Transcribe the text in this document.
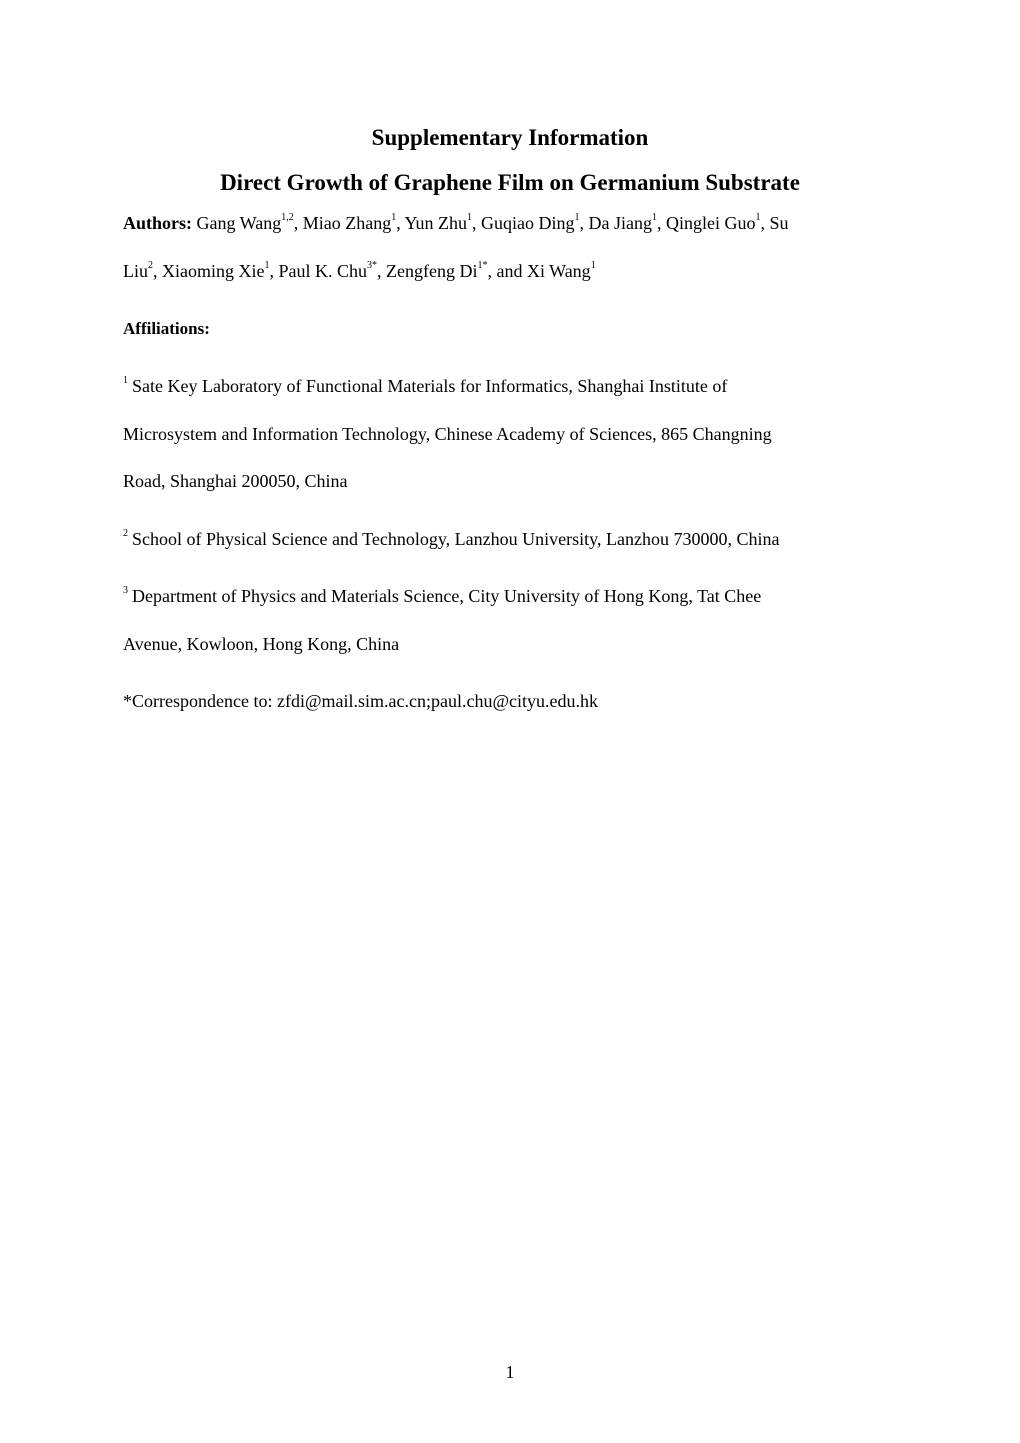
Supplementary Information
Direct Growth of Graphene Film on Germanium Substrate
Authors: Gang Wang$^{1,2}$, Miao Zhang$^1$, Yun Zhu$^1$, Guqiao Ding$^1$, Da Jiang$^1$, Qinglei Guo$^1$, Su
Liu$^2$, Xiaoming Xie$^1$, Paul K. Chu$^{3*}$, Zengfeng $Di^{1*}$, and Xi Wang$^1$
Affiliations:
$^1$ Sate Key Laboratory of Functional Materials for Informatics, Shanghai Institute of
Microsystem and Information Technology, Chinese Academy of Sciences, 865 Changning
Road, Shanghai 200050, China
$^2$ School of Physical Science and Technology, Lanzhou University, Lanzhou 730000, China
$^3$ Department of Physics and Materials Science, City University of Hong Kong, Tat Chee
Avenue, Kowloon, Hong Kong, China
*Correspondence to: zfdi@mail.sim.ac.cn;paul.chu@cityu.edu.hk
1
